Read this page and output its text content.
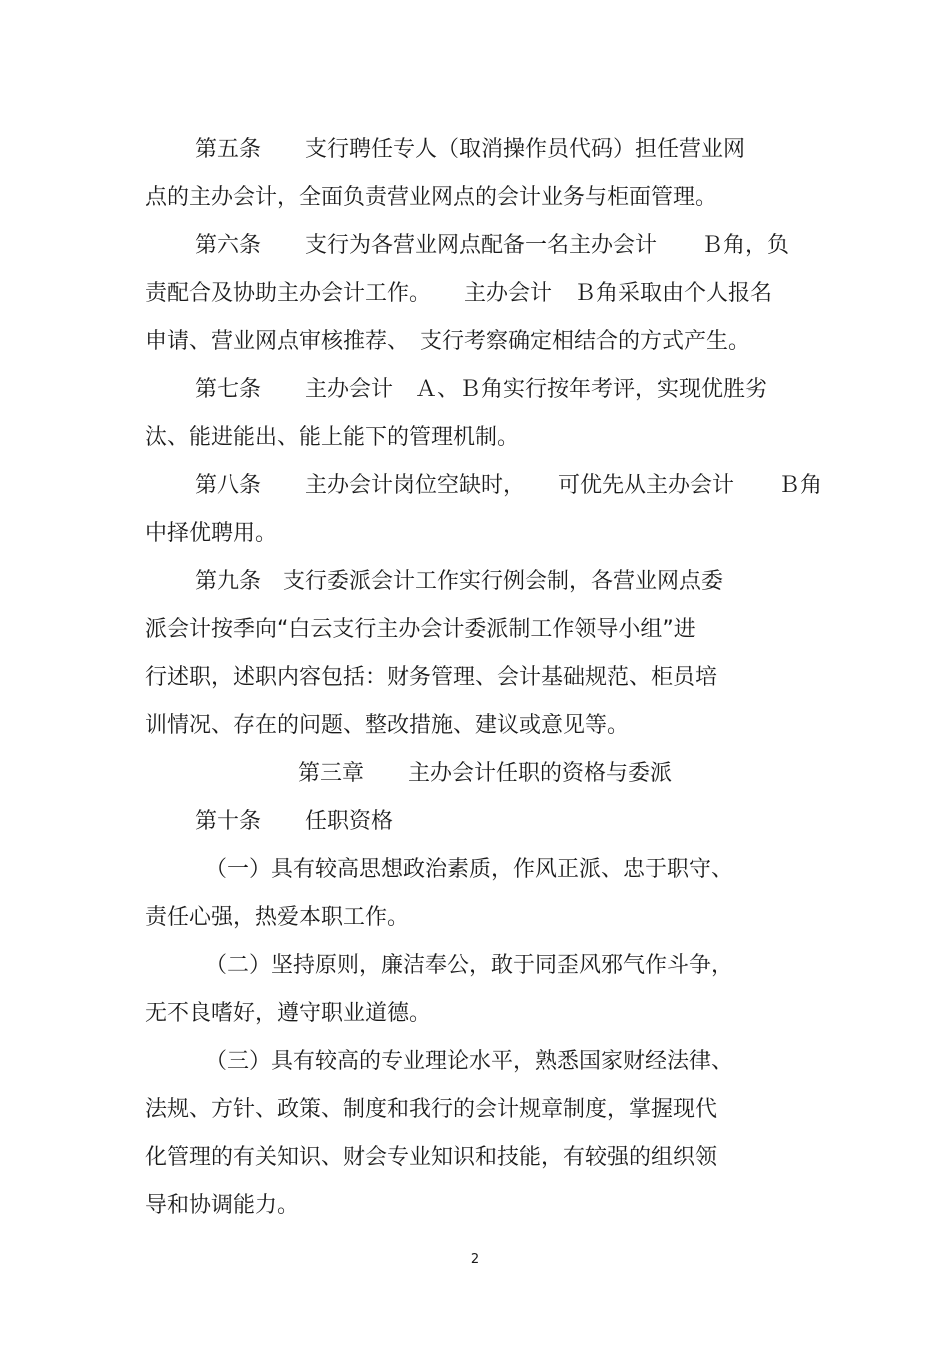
第五条　　支行聘任专人（取消操作员代码）担任营业网
点的主办会计，全面负责营业网点的会计业务与柜面管理。
第六条　　支行为各营业网点配备一名主办会计　　Ｂ角，负
责配合及协助主办会计工作。　　主办会计　Ｂ角采取由个人报名
申请、营业网点审核推荐、　支行考察确定相结合的方式产生。
第七条　　主办会计　Ａ、Ｂ角实行按年考评，实现优胜劣
汰、能进能出、能上能下的管理机制。
第八条　　主办会计岗位空缺时，　　可优先从主办会计　　Ｂ角
中择优聘用。
第九条　支行委派会计工作实行例会制，各营业网点委
派会计按季向“白云支行主办会计委派制工作领导小组”进
行述职，述职内容包括：财务管理、会计基础规范、柜员培
训情况、存在的问题、整改措施、建议或意见等。
第三章　　主办会计任职的资格与委派
第十条　　任职资格
（一）具有较高思想政治素质，作风正派、忠于职守、
责任心强，热爱本职工作。
（二）坚持原则，廉洁奉公，敢于同歪风邪气作斗争，
无不良嗜好，遵守职业道德。
（三）具有较高的专业理论水平，熟悉国家财经法律、
法规、方针、政策、制度和我行的会计规章制度，掌握现代
化管理的有关知识、财会专业知识和技能，有较强的组织领
导和协调能力。
2
